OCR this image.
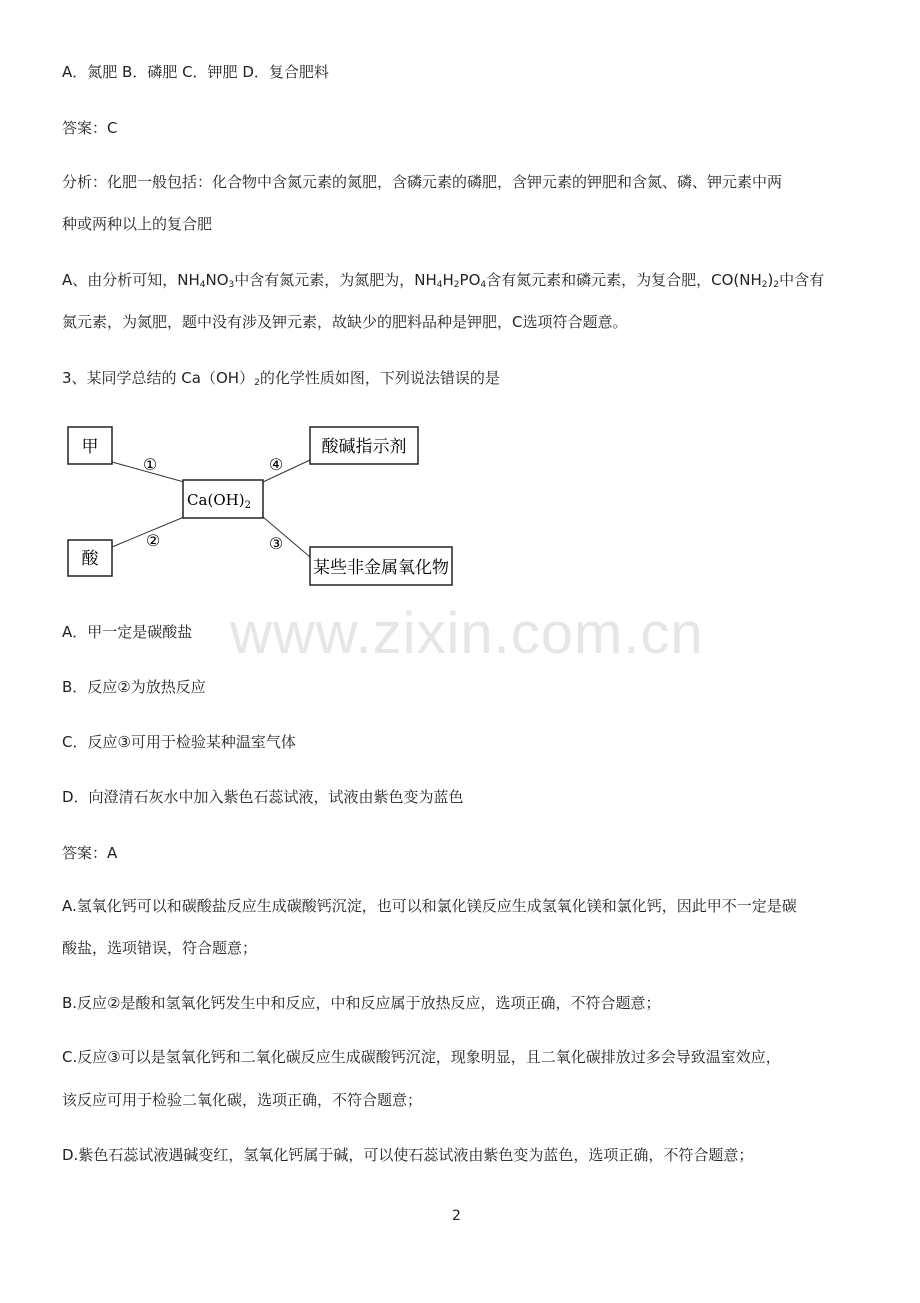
A．氮肥 B．磷肥 C．钾肥 D．复合肥料
答案：C
分析：化肥一般包括：化合物中含氮元素的氮肥，含磷元素的磷肥，含钾元素的钾肥和含氮、磷、钾元素中两
种或两种以上的复合肥
A、由分析可知，$NH_4NO_3$中含有氮元素，为氮肥为，$NH_4H_2PO_4$含有氮元素和磷元素，为复合肥，$CO(NH_2)_2$中含有
氮元素，为氮肥，题中没有涉及钾元素，故缺少的肥料品种是钾肥，C选项符合题意。
3、某同学总结的 $Ca(OH)_2$的化学性质如图，下列说法错误的是
甲
酸
$Ca(OH)_2$
酸碱指示剂
某些非金属氧化物
①
②	③
④
www.zixin.com.cn
A．甲一定是碳酸盐
B．反应②为放热反应
C．反应③可用于检验某种温室气体
D．向澄清石灰水中加入紫色石蕊试液，试液由紫色变为蓝色
答案：A
A.氢氧化钙可以和碳酸盐反应生成碳酸钙沉淀，也可以和氯化镁反应生成氢氧化镁和氯化钙，因此甲不一定是碳
酸盐，选项错误，符合题意；
B.反应②是酸和氢氧化钙发生中和反应，中和反应属于放热反应，选项正确，不符合题意；
C.反应③可以是氢氧化钙和二氧化碳反应生成碳酸钙沉淀，现象明显，且二氧化碳排放过多会导致温室效应，
该反应可用于检验二氧化碳，选项正确，不符合题意；
D.紫色石蕊试液遇碱变红，氢氧化钙属于碱，可以使石蕊试液由紫色变为蓝色，选项正确，不符合题意；
2
